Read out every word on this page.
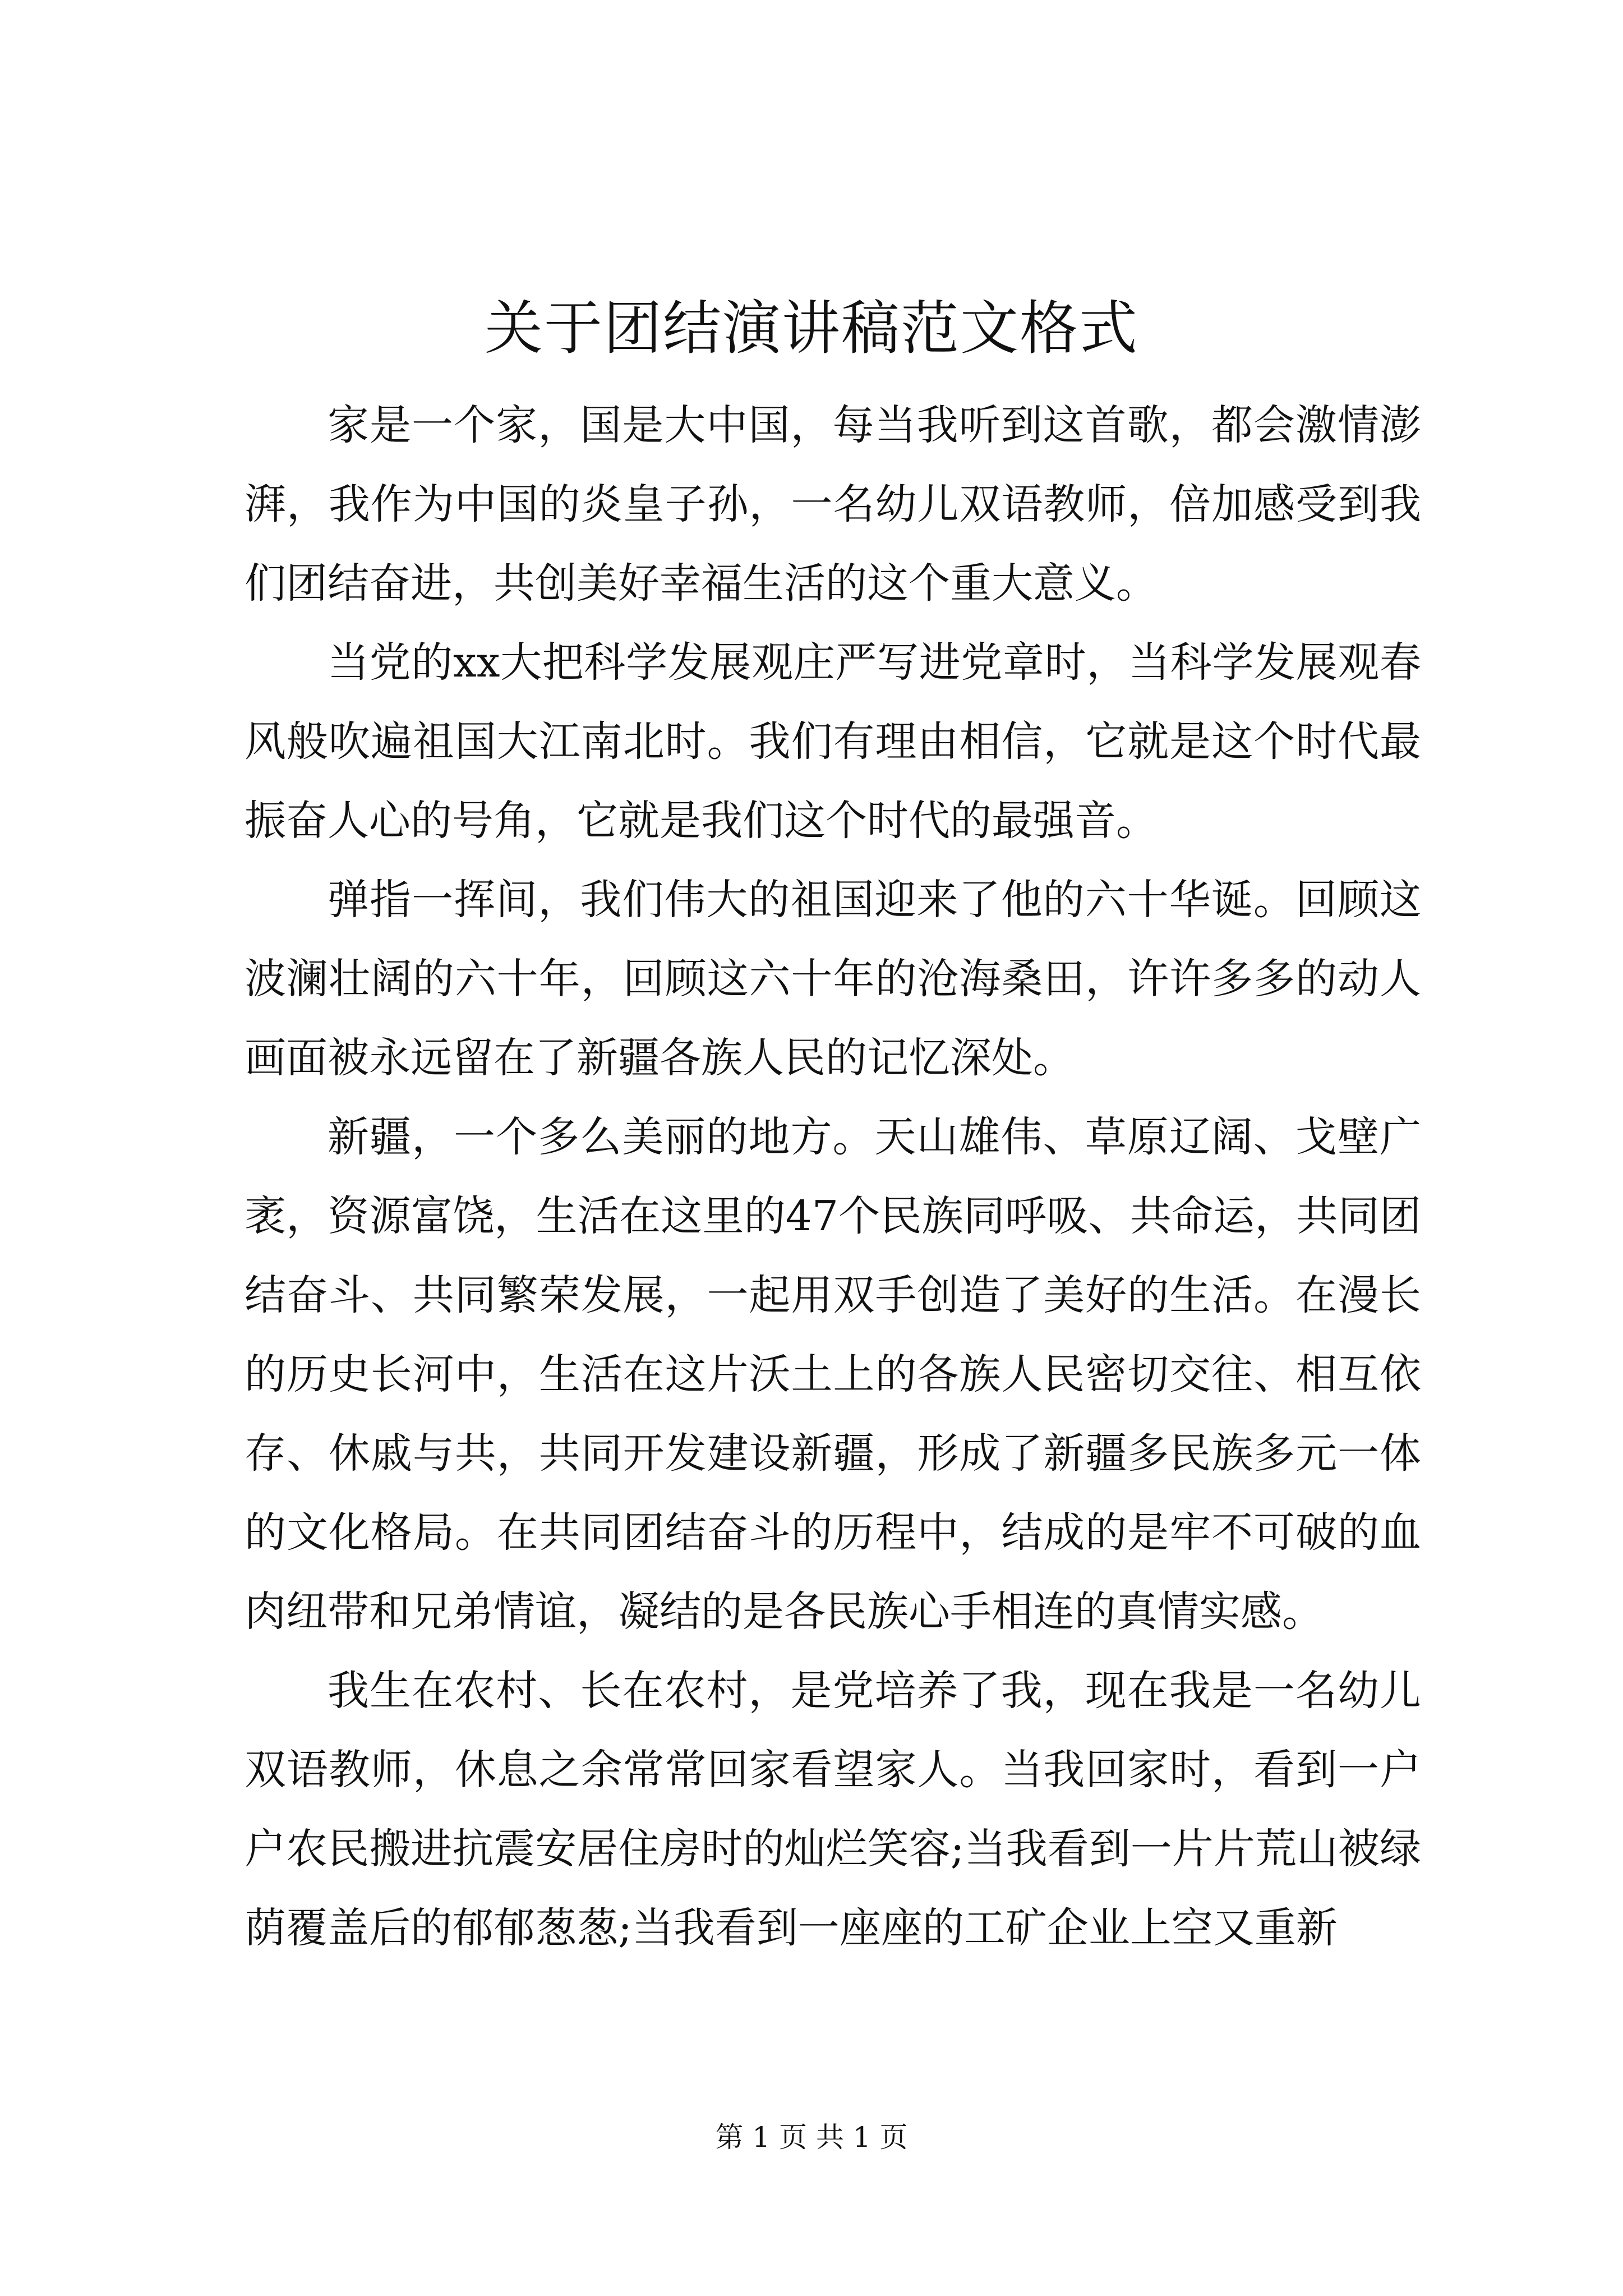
关于团结演讲稿范文格式

家是一个家，国是大中国，每当我听到这首歌，都会激情澎湃，我作为中国的炎皇子孙，一名幼儿双语教师，倍加感受到我们团结奋进，共创美好幸福生活的这个重大意义。

当党的xx大把科学发展观庄严写进党章时，当科学发展观春风般吹遍祖国大江南北时。我们有理由相信，它就是这个时代最振奋人心的号角，它就是我们这个时代的最强音。

弹指一挥间，我们伟大的祖国迎来了他的六十华诞。回顾这波澜壮阔的六十年，回顾这六十年的沧海桑田，许许多多的动人画面被永远留在了新疆各族人民的记忆深处。

新疆，一个多么美丽的地方。天山雄伟、草原辽阔、戈壁广袤，资源富饶，生活在这里的47个民族同呼吸、共命运，共同团结奋斗、共同繁荣发展，一起用双手创造了美好的生活。在漫长的历史长河中，生活在这片沃土上的各族人民密切交往、相互依存、休戚与共，共同开发建设新疆，形成了新疆多民族多元一体的文化格局。在共同团结奋斗的历程中，结成的是牢不可破的血肉纽带和兄弟情谊，凝结的是各民族心手相连的真情实感。

我生在农村、长在农村，是党培养了我，现在我是一名幼儿双语教师，休息之余常常回家看望家人。当我回家时，看到一户户农民搬进抗震安居住房时的灿烂笑容;当我看到一片片荒山被绿荫覆盖后的郁郁葱葱;当我看到一座座的工矿企业上空又重新

第 1 页 共 1 页
